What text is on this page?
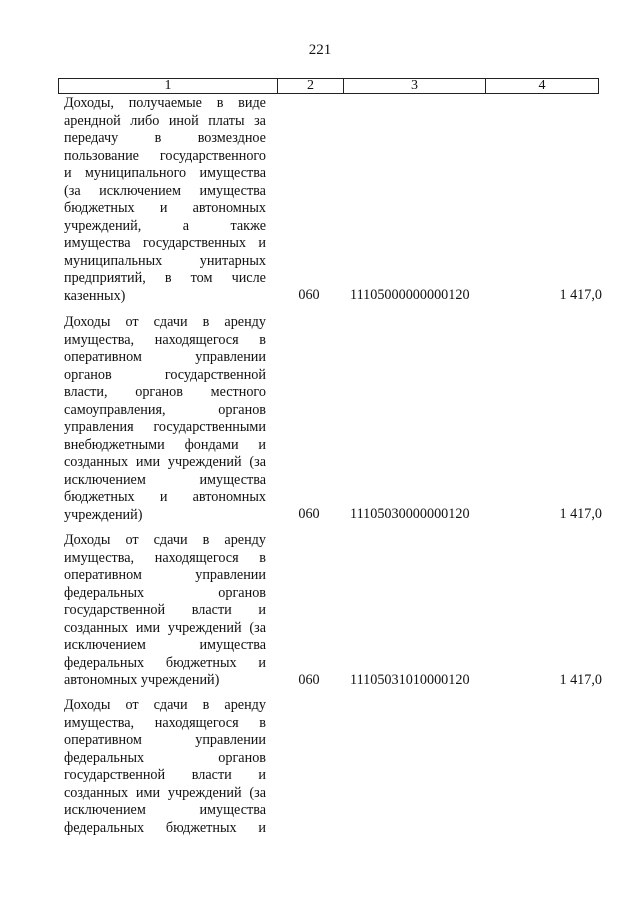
221
1	2	3	4
Доходы, получаемые в виде
арендной либо иной платы за
передачу	в	возмездное
пользование государственного
и муниципального имущества
(за исключением имущества
бюджетных и автономных
учреждений,	а	также
имущества государственных и
муниципальных	унитарных
предприятий, в том числе
казенных)	060 11105000000000120	1 417,0
Доходы от сдачи в аренду
имущества, находящегося в
оперативном	управлении
органов	государственной
власти, органов местного
самоуправления,	органов
управления государственными
внебюджетными фондами и
созданных ими учреждений (за
исключением	имущества
бюджетных и автономных
учреждений)	060 11105030000000120	1 417,0
Доходы от сдачи в аренду
имущества, находящегося в
оперативном	управлении
федеральных	органов
государственной власти и
созданных ими учреждений (за
исключением	имущества
федеральных бюджетных и
автономных учреждений)	060 11105031010000120	1 417,0
Доходы от сдачи в аренду
имущества, находящегося в
оперативном	управлении
федеральных	органов
государственной власти и
созданных ими учреждений (за
исключением	имущества
федеральных бюджетных и
